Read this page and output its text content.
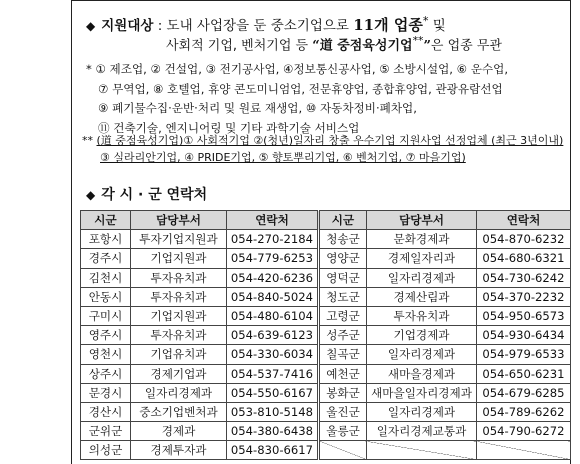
◆ 지원대상 : 도내 사업장을 둔 중소기업으로 11개 업종* 및
사회적 기업, 벤처기업 등 “道 중점육성기업**”은 업종 무관
* ① 제조업, ② 건설업, ③ 전기공사업, ④정보통신공사업, ⑤ 소방시설업, ⑥ 운수업,
⑦ 무역업, ⑧ 호텔업, 휴양 콘도미니엄업, 전문휴양업, 종합휴양업, 관광유람선업
⑨ 폐기물수집·운반·처리 및 원료 재생업, ⑩ 자동차정비·폐차업,
⑪ 건축기술, 엔지니어링 및 기타 과학기술 서비스업
** (道 중점육성기업)① 사회적기업 ②(청년)일자리 창출 우수기업 지원사업 선정업체 (최근 3년이내)
③ 실라리안기업, ④ PRIDE기업, ⑤ 향토뿌리기업, ⑥ 벤처기업, ⑦ 마을기업)
◆ 각 시 · 군 연락처
시군	담당부서	연락처	시군	담당부서	연락처
포항시	투자기업지원과	054-270-2184	청송군	문화경제과	054-870-6232
경주시	기업지원과	054-779-6253	영양군	경제일자리과	054-680-6321
김천시	투자유치과	054-420-6236	영덕군	일자리경제과	054-730-6242
안동시	투자유치과	054-840-5024	청도군	경제산림과	054-370-2232
구미시	기업지원과	054-480-6104	고령군	투자유치과	054-950-6573
영주시	투자유치과	054-639-6123	성주군	기업경제과	054-930-6434
영천시	기업유치과	054-330-6034	칠곡군	일자리경제과	054-979-6533
상주시	경제기업과	054-537-7416	예천군	새마을경제과	054-650-6231
문경시	일자리경제과	054-550-6167	봉화군	새마을일자리경제과	054-679-6285
경산시	중소기업벤처과	053-810-5148	울진군	일자리경제과	054-789-6262
군위군	경제과	054-380-6438	울릉군	일자리경제교통과	054-790-6272
의성군	경제투자과	054-830-6617			
